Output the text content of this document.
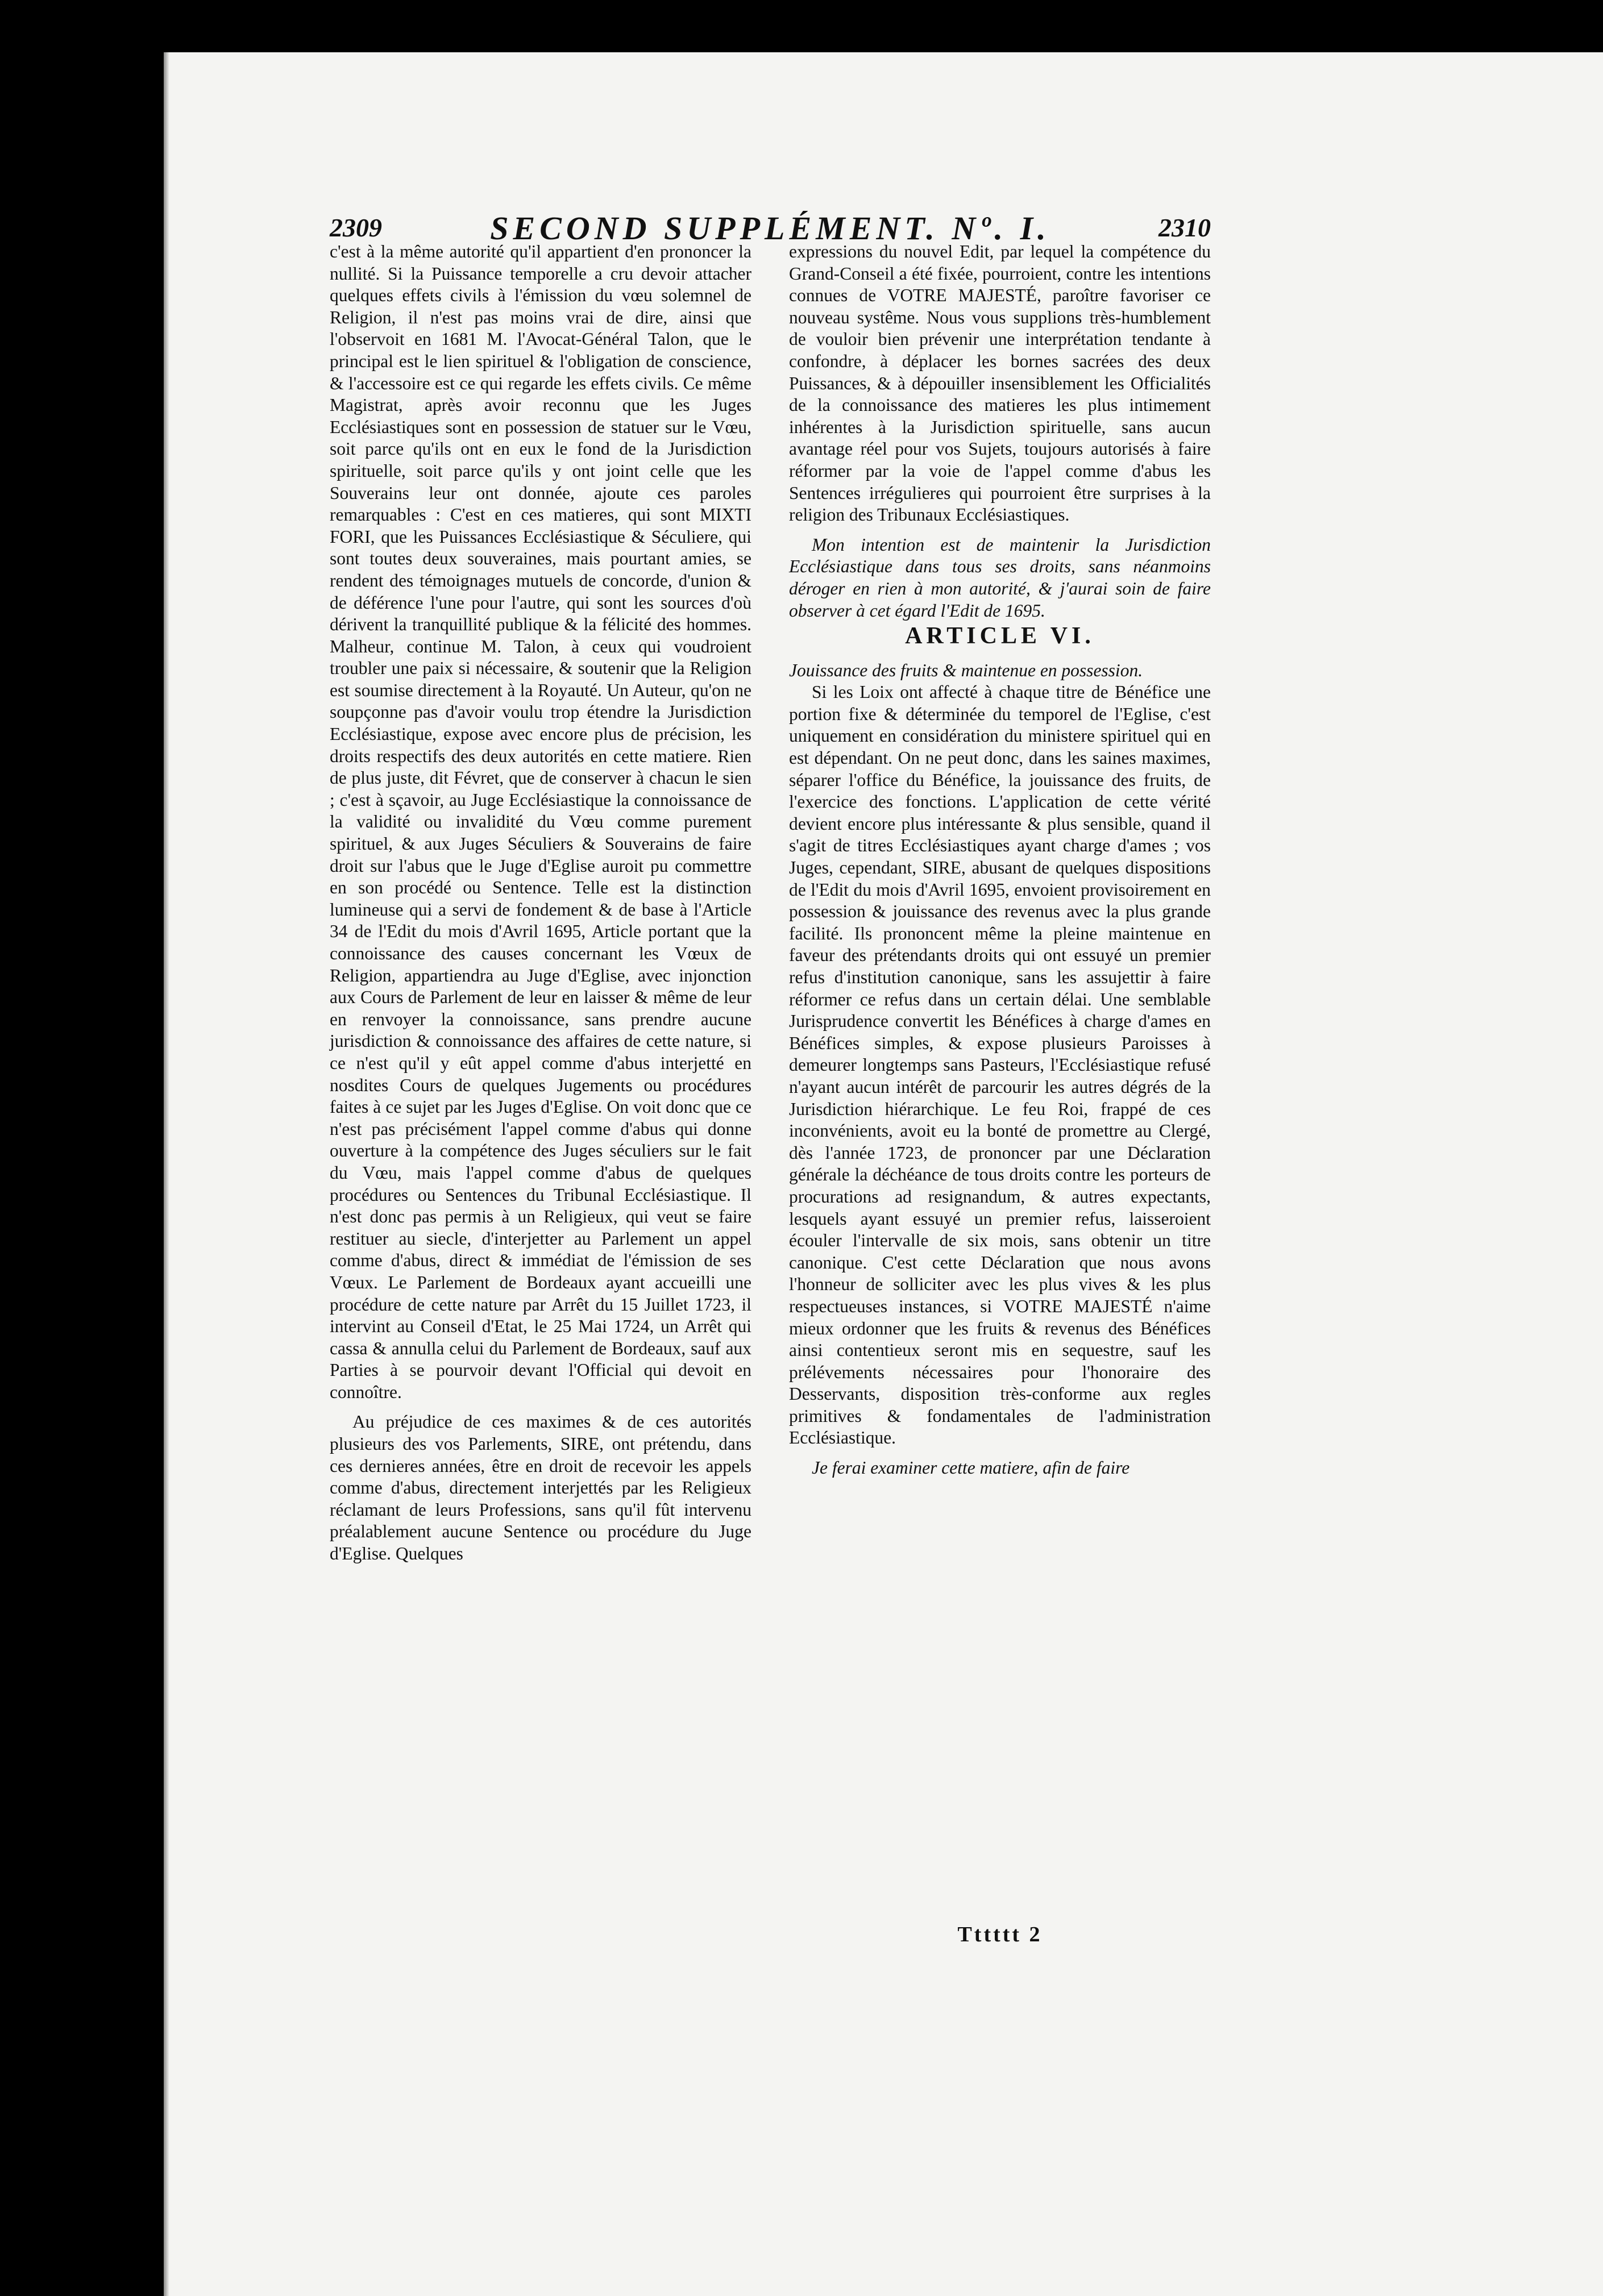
2309	SECOND SUPPLÉMENT. Nº. I.	2310

c'est à la même autorité qu'il appartient d'en prononcer la nullité. Si la Puissance temporelle a cru devoir attacher quelques effets civils à l'émission du vœu solemnel de Religion, il n'est pas moins vrai de dire, ainsi que l'observoit en 1681 M. l'Avocat-Général Talon, que le principal est le lien spirituel & l'obligation de conscience, & l'accessoire est ce qui regarde les effets civils. Ce même Magistrat, après avoir reconnu que les Juges Ecclésiastiques sont en possession de statuer sur le Vœu, soit parce qu'ils ont en eux le fond de la Jurisdiction spirituelle, soit parce qu'ils y ont joint celle que les Souverains leur ont donnée, ajoute ces paroles remarquables : C'est en ces matieres, qui sont MIXTI FORI, que les Puissances Ecclésiastique & Séculiere, qui sont toutes deux souveraines, mais pourtant amies, se rendent des témoignages mutuels de concorde, d'union & de déférence l'une pour l'autre, qui sont les sources d'où dérivent la tranquillité publique & la félicité des hommes. Malheur, continue M. Talon, à ceux qui voudroient troubler une paix si nécessaire, & soutenir que la Religion est soumise directement à la Royauté. Un Auteur, qu'on ne soupçonne pas d'avoir voulu trop étendre la Jurisdiction Ecclésiastique, expose avec encore plus de précision, les droits respectifs des deux autorités en cette matiere. Rien de plus juste, dit Févret, que de conserver à chacun le sien ; c'est à sçavoir, au Juge Ecclésiastique la connoissance de la validité ou invalidité du Vœu comme purement spirituel, & aux Juges Séculiers & Souverains de faire droit sur l'abus que le Juge d'Eglise auroit pu commettre en son procédé ou Sentence. Telle est la distinction lumineuse qui a servi de fondement & de base à l'Article 34 de l'Edit du mois d'Avril 1695, Article portant que la connoissance des causes concernant les Vœux de Religion, appartiendra au Juge d'Eglise, avec injonction aux Cours de Parlement de leur en laisser & même de leur en renvoyer la connoissance, sans prendre aucune jurisdiction & connoissance des affaires de cette nature, si ce n'est qu'il y eût appel comme d'abus interjetté en nosdites Cours de quelques Jugements ou procédures faites à ce sujet par les Juges d'Eglise. On voit donc que ce n'est pas précisément l'appel comme d'abus qui donne ouverture à la compétence des Juges séculiers sur le fait du Vœu, mais l'appel comme d'abus de quelques procédures ou Sentences du Tribunal Ecclésiastique. Il n'est donc pas permis à un Religieux, qui veut se faire restituer au siecle, d'interjetter au Parlement un appel comme d'abus, direct & immédiat de l'émission de ses Vœux. Le Parlement de Bordeaux ayant accueilli une procédure de cette nature par Arrêt du 15 Juillet 1723, il intervint au Conseil d'Etat, le 25 Mai 1724, un Arrêt qui cassa & annulla celui du Parlement de Bordeaux, sauf aux Parties à se pourvoir devant l'Official qui devoit en connoître.

Au préjudice de ces maximes & de ces autorités plusieurs des vos Parlements, SIRE, ont prétendu, dans ces dernieres années, être en droit de recevoir les appels comme d'abus, directement interjettés par les Religieux réclamant de leurs Professions, sans qu'il fût intervenu préalablement aucune Sentence ou procédure du Juge d'Eglise. Quelques

expressions du nouvel Edit, par lequel la compétence du Grand-Conseil a été fixée, pourroient, contre les intentions connues de VOTRE MAJESTÉ, paroître favoriser ce nouveau systême. Nous vous supplions très-humblement de vouloir bien prévenir une interprétation tendante à confondre, à déplacer les bornes sacrées des deux Puissances, & à dépouiller insensiblement les Officialités de la connoissance des matieres les plus intimement inhérentes à la Jurisdiction spirituelle, sans aucun avantage réel pour vos Sujets, toujours autorisés à faire réformer par la voie de l'appel comme d'abus les Sentences irrégulieres qui pourroient être surprises à la religion des Tribunaux Ecclésiastiques.

Mon intention est de maintenir la Jurisdiction Ecclésiastique dans tous ses droits, sans néanmoins déroger en rien à mon autorité, & j'aurai soin de faire observer à cet égard l'Edit de 1695.

ARTICLE VI.

Jouissance des fruits & maintenue en possession.

Si les Loix ont affecté à chaque titre de Bénéfice une portion fixe & déterminée du temporel de l'Eglise, c'est uniquement en considération du ministere spirituel qui en est dépendant. On ne peut donc, dans les saines maximes, séparer l'office du Bénéfice, la jouissance des fruits, de l'exercice des fonctions. L'application de cette vérité devient encore plus intéressante & plus sensible, quand il s'agit de titres Ecclésiastiques ayant charge d'ames ; vos Juges, cependant, SIRE, abusant de quelques dispositions de l'Edit du mois d'Avril 1695, envoient provisoirement en possession & jouissance des revenus avec la plus grande facilité. Ils prononcent même la pleine maintenue en faveur des prétendants droits qui ont essuyé un premier refus d'institution canonique, sans les assujettir à faire réformer ce refus dans un certain délai. Une semblable Jurisprudence convertit les Bénéfices à charge d'ames en Bénéfices simples, & expose plusieurs Paroisses à demeurer longtemps sans Pasteurs, l'Ecclésiastique refusé n'ayant aucun intérêt de parcourir les autres dégrés de la Jurisdiction hiérarchique. Le feu Roi, frappé de ces inconvénients, avoit eu la bonté de promettre au Clergé, dès l'année 1723, de prononcer par une Déclaration générale la déchéance de tous droits contre les porteurs de procurations ad resignandum, & autres expectants, lesquels ayant essuyé un premier refus, laisseroient écouler l'intervalle de six mois, sans obtenir un titre canonique. C'est cette Déclaration que nous avons l'honneur de solliciter avec les plus vives & les plus respectueuses instances, si VOTRE MAJESTÉ n'aime mieux ordonner que les fruits & revenus des Bénéfices ainsi contentieux seront mis en sequestre, sauf les prélévements nécessaires pour l'honoraire des Desservants, disposition très-conforme aux regles primitives & fondamentales de l'administration Ecclésiastique.

Je ferai examiner cette matiere, afin de faire

Tttttt 2
